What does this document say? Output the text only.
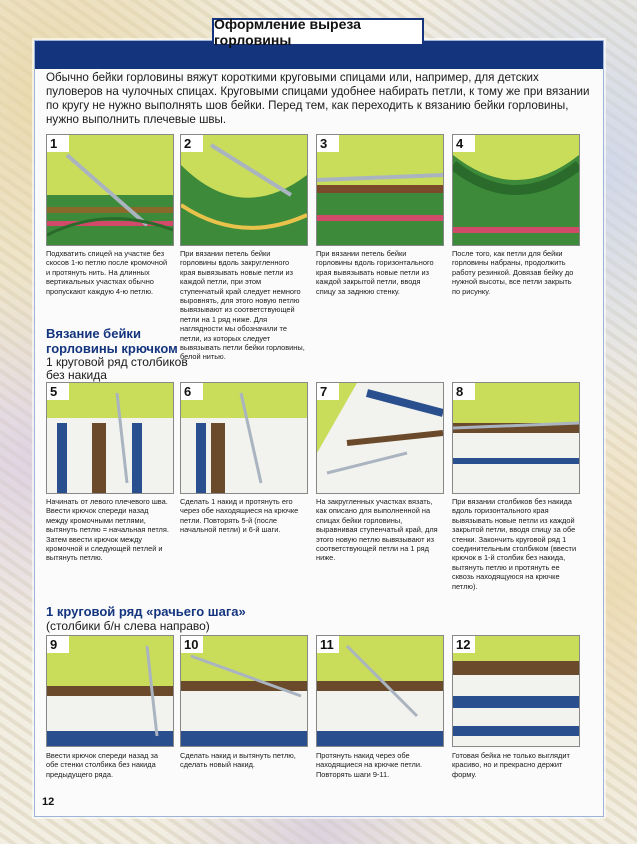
Оформление выреза горловины
Вязание бейки горловины на спицах

Обычно бейки горловины вяжут короткими круговыми спицами или, например, для детских пуловеров на чулочных спицах. Круговыми спицами удобнее набирать петли, к тому же при вязании по кругу не нужно выполнять шов бейки. Перед тем, как переходить к вязанию бейки горловины, нужно выполнить плечевые швы.

1	2	3	4

Подхватить спицей на участке без скосов 1-ю петлю после кромочной и протянуть нить. На длинных вертикальных участках обычно пропускают каждую 4-ю петлю.

При вязании петель бейки горловины вдоль закругленного края вывязывать новые петли из каждой петли, при этом ступенчатый край следует немного выровнять, для этого новую петлю вывязывают из соответствующей петли на 1 ряд ниже. Для наглядности мы обозначили те петли, из которых следует вывязывать петли бейки горловины, белой нитью.

При вязании петель бейки горловины вдоль горизонтального края вывязывать новые петли из каждой закрытой петли, вводя спицу за заднюю стенку.

После того, как петли для бейки горловины набраны, продолжить работу резинкой. Довязав бейку до нужной высоты, все петли закрыть по рисунку.

Вязание бейки
горловины крючком

1 круговой ряд столбиков
без накида

5	6	7	8

Начинать от левого плечевого шва. Ввести крючок спереди назад между кромочными петлями, вытянуть петлю = начальная петля. Затем ввести крючок между кромочной и следующей петлей и вытянуть петлю.

Сделать 1 накид и протянуть его через обе находящиеся на крючке петли. Повторять 5-й (после начальной петли) и 6-й шаги.

На закругленных участках вязать, как описано для выполненной на спицах бейки горловины, выравнивая ступенчатый край, для этого новую петлю вывязывают из соответствующей петли на 1 ряд ниже.

При вязании столбиков без накида вдоль горизонтального края вывязывать новые петли из каждой закрытой петли, вводя спицу за обе стенки. Закончить круговой ряд 1 соединительным столбиком (ввести крючок в 1-й столбик без накида, вытянуть петлю и протянуть ее сквозь находящуюся на крючке петлю).

1 круговой ряд «рачьего шага»

(столбики б/н слева направо)

9	10	11	12

Ввести крючок спереди назад за обе стенки столбика без накида предыдущего ряда.

Сделать накид и вытянуть петлю, сделать новый накид.

Протянуть накид через обе находящиеся на крючке петли. Повторять шаги 9-11.

Готовая бейка не только выглядит красиво, но и прекрасно держит форму.

12
